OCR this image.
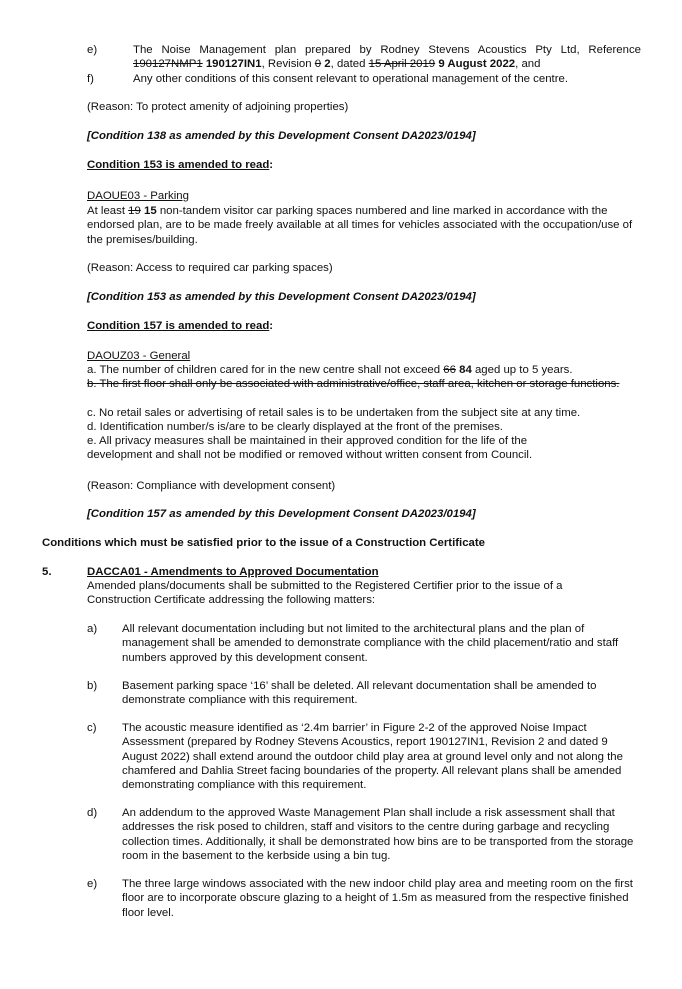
e)	The Noise Management plan prepared by Rodney Stevens Acoustics Pty Ltd, Reference 190127NMP1 190127IN1, Revision 0 2, dated 15 April 2019 9 August 2022, and

f)	Any other conditions of this consent relevant to operational management of the centre.

(Reason: To protect amenity of adjoining properties)

[Condition 138 as amended by this Development Consent DA2023/0194]

Condition 153 is amended to read:

DAOUE03 - Parking

At least 19 15 non-tandem visitor car parking spaces numbered and line marked in accordance with the endorsed plan, are to be made freely available at all times for vehicles associated with the occupation/use of the premises/building.

(Reason: Access to required car parking spaces)

[Condition 153 as amended by this Development Consent DA2023/0194]

Condition 157 is amended to read:

DAOUZ03 - General

a. The number of children cared for in the new centre shall not exceed 66 84 aged up to 5 years.

b. The first floor shall only be associated with administrative/office, staff area, kitchen or storage functions.

c. No retail sales or advertising of retail sales is to be undertaken from the subject site at any time.

d. Identification number/s is/are to be clearly displayed at the front of the premises.

e. All privacy measures shall be maintained in their approved condition for the life of the development and shall not be modified or removed without written consent from Council.

(Reason: Compliance with development consent)

[Condition 157 as amended by this Development Consent DA2023/0194]

Conditions which must be satisfied prior to the issue of a Construction Certificate

5.	DACCA01 - Amendments to Approved Documentation

Amended plans/documents shall be submitted to the Registered Certifier prior to the issue of a Construction Certificate addressing the following matters:

a) All relevant documentation including but not limited to the architectural plans and the plan of management shall be amended to demonstrate compliance with the child placement/ratio and staff numbers approved by this development consent.

b) Basement parking space ‘16’ shall be deleted. All relevant documentation shall be amended to demonstrate compliance with this requirement.

c) The acoustic measure identified as ‘2.4m barrier’ in Figure 2-2 of the approved Noise Impact Assessment (prepared by Rodney Stevens Acoustics, report 190127IN1, Revision 2 and dated 9 August 2022) shall extend around the outdoor child play area at ground level only and not along the chamfered and Dahlia Street facing boundaries of the property. All relevant plans shall be amended demonstrating compliance with this requirement.

d) An addendum to the approved Waste Management Plan shall include a risk assessment shall that addresses the risk posed to children, staff and visitors to the centre during garbage and recycling collection times. Additionally, it shall be demonstrated how bins are to be transported from the storage room in the basement to the kerbside using a bin tug.

e) The three large windows associated with the new indoor child play area and meeting room on the first floor are to incorporate obscure glazing to a height of 1.5m as measured from the respective finished floor level.
